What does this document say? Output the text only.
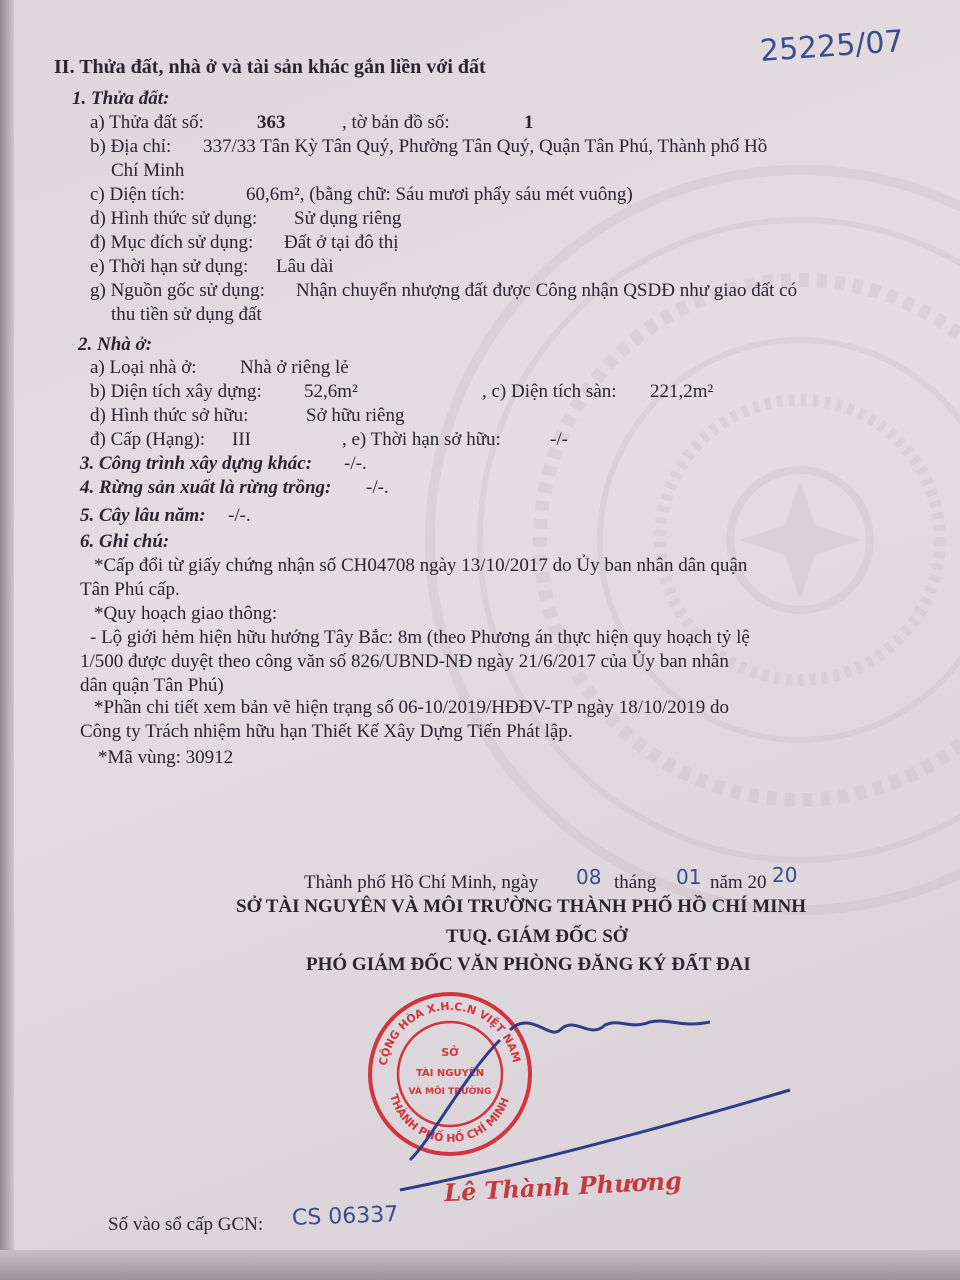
25225/07
II. Thửa đất, nhà ở và tài sản khác gắn liền với đất
1. Thửa đất:
a) Thửa đất số:	363	, tờ bản đồ số:	1
b) Địa chỉ: 337/33 Tân Kỳ Tân Quý, Phường Tân Quý, Quận Tân Phú, Thành phố Hồ
Chí Minh
c) Diện tích:	60,6m², (bằng chữ: Sáu mươi phẩy sáu mét vuông)
d) Hình thức sử dụng: Sử dụng riêng
đ) Mục đích sử dụng: Đất ở tại đô thị
e) Thời hạn sử dụng: Lâu dài
g) Nguồn gốc sử dụng: Nhận chuyển nhượng đất được Công nhận QSDĐ như giao đất có
thu tiền sử dụng đất
2. Nhà ở:
a) Loại nhà ở: Nhà ở riêng lẻ
b) Diện tích xây dựng: 52,6m²	, c) Diện tích sàn: 221,2m²
d) Hình thức sở hữu:	Sở hữu riêng
đ) Cấp (Hạng): III	, e) Thời hạn sở hữu:	-/-
3. Công trình xây dựng khác: -/-.
4. Rừng sản xuất là rừng trồng: -/-.
5. Cây lâu năm: -/-.
6. Ghi chú:
*Cấp đổi từ giấy chứng nhận số CH04708 ngày 13/10/2017 do Ủy ban nhân dân quận
Tân Phú cấp.
*Quy hoạch giao thông:
- Lộ giới hẻm hiện hữu hướng Tây Bắc: 8m (theo Phương án thực hiện quy hoạch tỷ lệ
1/500 được duyệt theo công văn số 826/UBND-NĐ ngày 21/6/2017 của Ủy ban nhân
dân quận Tân Phú)
*Phần chi tiết xem bản vẽ hiện trạng số 06-10/2019/HĐĐV-TP ngày 18/10/2019 do
Công ty Trách nhiệm hữu hạn Thiết Kế Xây Dựng Tiến Phát lập.
*Mã vùng: 30912
Thành phố Hồ Chí Minh, ngày 08 tháng 01 năm 20 20
SỞ TÀI NGUYÊN VÀ MÔI TRƯỜNG THÀNH PHỐ HỒ CHÍ MINH
TUQ. GIÁM ĐỐC SỞ
PHÓ GIÁM ĐỐC VĂN PHÒNG ĐĂNG KÝ ĐẤT ĐAI
CỘNG HÒA X.H.C.N VIỆT NAM
THÀNH PHỐ HỒ CHÍ MINH
SỞ
TÀI NGUYÊN
VÀ MÔI TRƯỜNG
Lê Thành Phương
Số vào sổ cấp GCN: CS 06337
